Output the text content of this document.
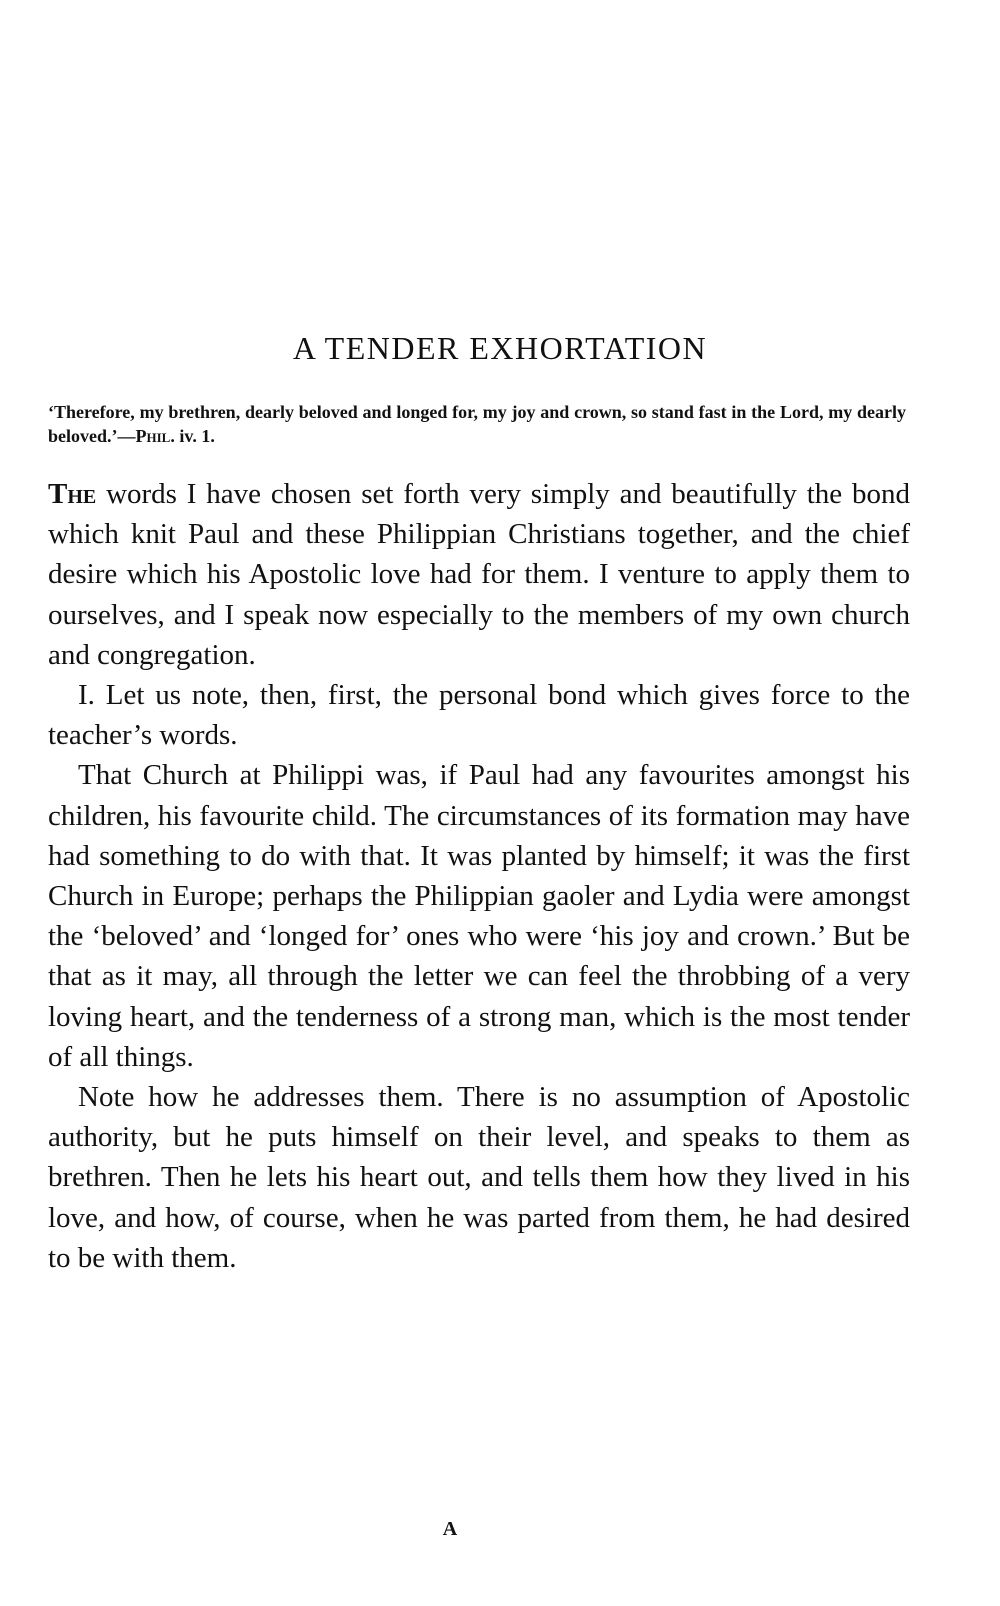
A TENDER EXHORTATION

‘Therefore, my brethren, dearly beloved and longed for, my joy and crown, so stand fast in the Lord, my dearly beloved.’—Phil. iv. 1.

The words I have chosen set forth very simply and beautifully the bond which knit Paul and these Philippian Christians together, and the chief desire which his Apostolic love had for them. I venture to apply them to ourselves, and I speak now especially to the members of my own church and congregation.

I. Let us note, then, first, the personal bond which gives force to the teacher’s words.

That Church at Philippi was, if Paul had any favourites amongst his children, his favourite child. The circumstances of its formation may have had something to do with that. It was planted by himself; it was the first Church in Europe; perhaps the Philippian gaoler and Lydia were amongst the ‘beloved’ and ‘longed for’ ones who were ‘his joy and crown.’ But be that as it may, all through the letter we can feel the throbbing of a very loving heart, and the tenderness of a strong man, which is the most tender of all things.

Note how he addresses them. There is no assumption of Apostolic authority, but he puts himself on their level, and speaks to them as brethren. Then he lets his heart out, and tells them how they lived in his love, and how, of course, when he was parted from them, he had desired to be with them.

A
